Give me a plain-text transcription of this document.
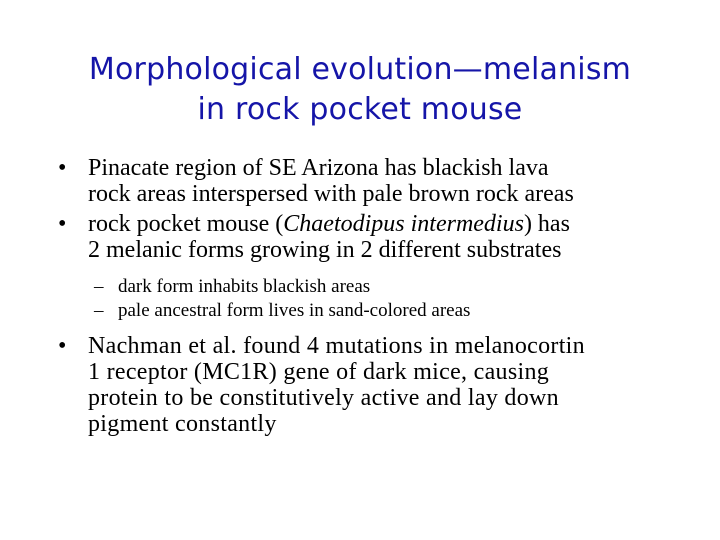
Morphological evolution—melanism
in rock pocket mouse
• Pinacate region of SE Arizona has blackish lava
rock areas interspersed with pale brown rock areas
• rock pocket mouse (Chaetodipus intermedius) has
2 melanic forms growing in 2 different substrates
– dark form inhabits blackish areas
– pale ancestral form lives in sand-colored areas
• Nachman et al. found 4 mutations in melanocortin
1 receptor (MC1R) gene of dark mice, causing
protein to be constitutively active and lay down
pigment constantly
